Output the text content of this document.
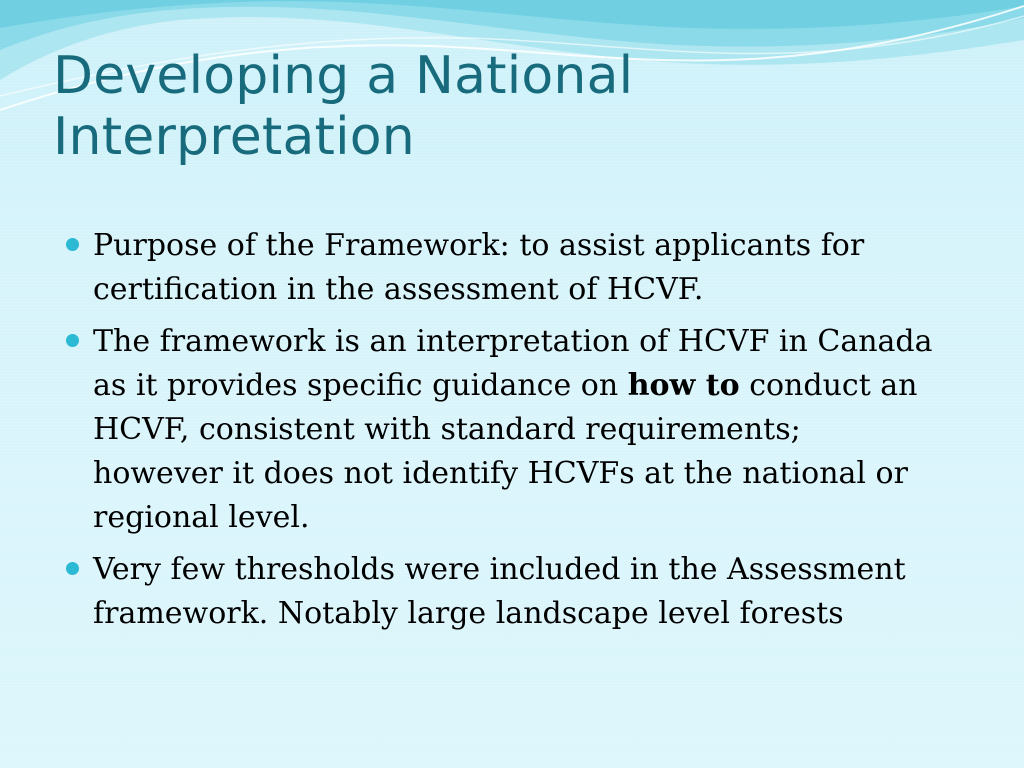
Developing a National Interpretation
Purpose of the Framework: to assist applicants for certification in the assessment of HCVF.
The framework is an interpretation of HCVF in Canada as it provides specific guidance on how to conduct an HCVF, consistent with standard requirements; however it does not identify HCVFs at the national or regional level.
Very few thresholds were included in the Assessment framework. Notably large landscape level forests
